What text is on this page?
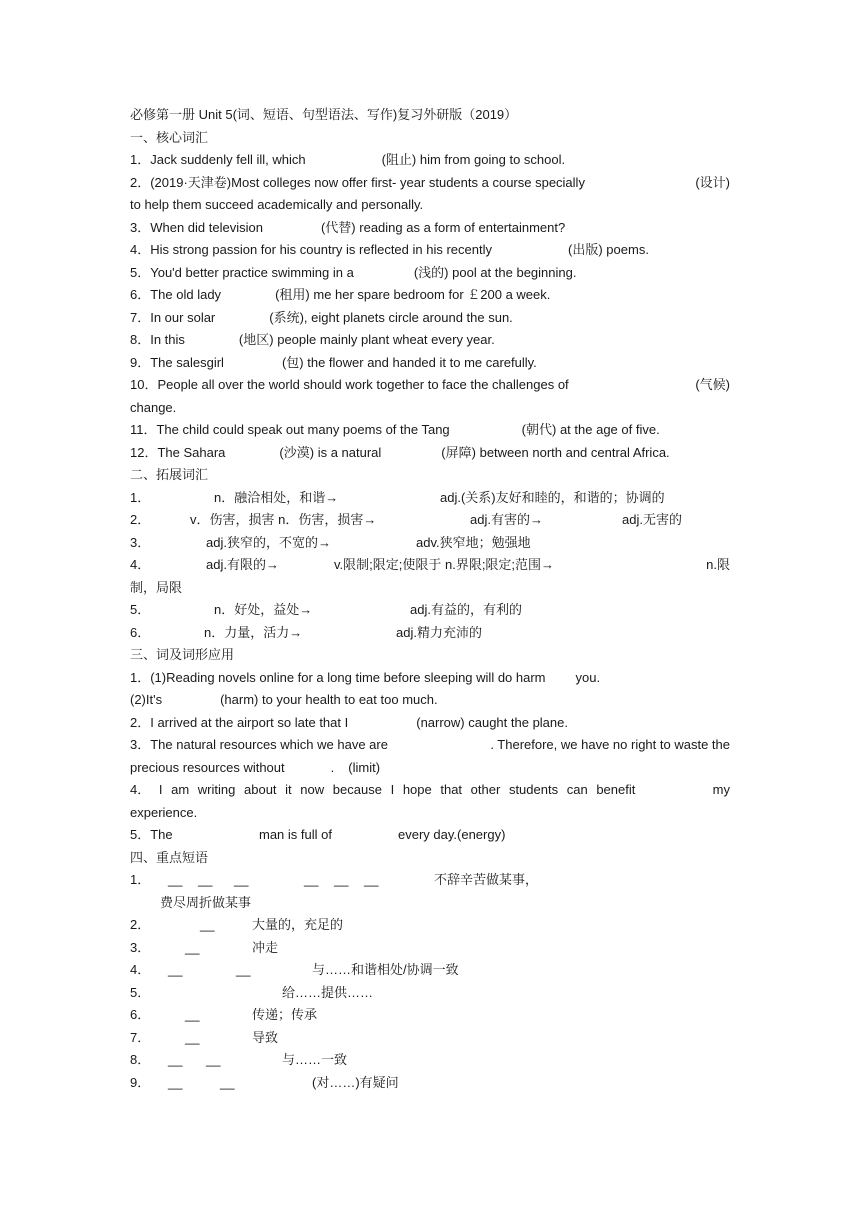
必修第一册 Unit 5(词、短语、句型语法、写作)复习外研版（2019）
一、核心词汇
1．Jack suddenly fell ill, which	(阻止) him from going to school.
2．(2019·天津卷)Most colleges now offer first- year students a course specially	(设计)
to help them succeed academically and personally.
3．When did television	(代替) reading as a form of entertainment?
4．His strong passion for his country is reflected in his recently	(出版) poems.
5．You'd better practice swimming in a	(浅的) pool at the beginning.
6．The old lady	(租用) me her spare bedroom for ￡200 a week.
7．In our solar	(系统), eight planets circle around the sun.
8．In this	(地区) people mainly plant wheat every year.
9．The salesgirl	(包) the flower and handed it to me carefully.
10．People all over the world should work together to face the challenges of	(气候)
change.
11．The child could speak out many poems of the Tang	(朝代) at the age of five.
12．The Sahara	(沙漠) is a natural	(屏障) between north and central Africa.
二、拓展词汇
1．	n．融洽相处，和谐→	adj.(关系)友好和睦的，和谐的；协调的
2．	v．伤害，损害 n．伤害，损害→	adj.有害的→	adj.无害的
3．	adj.狭窄的，不宽的→	adv.狭窄地；勉强地
4．	adj.有限的→	v.限制;限定;使限于 n.界限;限定;范围→	n.限
制，局限
5．	n．好处，益处→	adj.有益的，有利的
6．	n．力量，活力→	adj.精力充沛的
三、词及词形应用
1．(1)Reading novels online for a long time before sleeping will do harm you.
(2)It's	(harm) to your health to eat too much.
2．I arrived at the airport so late that I	(narrow) caught the plane.
3．The natural resources which we have are	. Therefore, we have no right to waste the
precious resources without	. (limit)
4． I am writing about it now because I hope that other students can benefit	my
experience.
5．The	man is full of	every day.(energy)
四、重点短语
1． __ __ __	__ __ __	不辞辛苦做某事，
费尽周折做某事
2．	__	大量的，充足的
3．	__	冲走
4． __	__	与……和谐相处/协调一致
5．	给……提供……
6．	__	传递；传承
7．	__	导致
8． __ __	与……一致
9． __	__	(对……)有疑问
